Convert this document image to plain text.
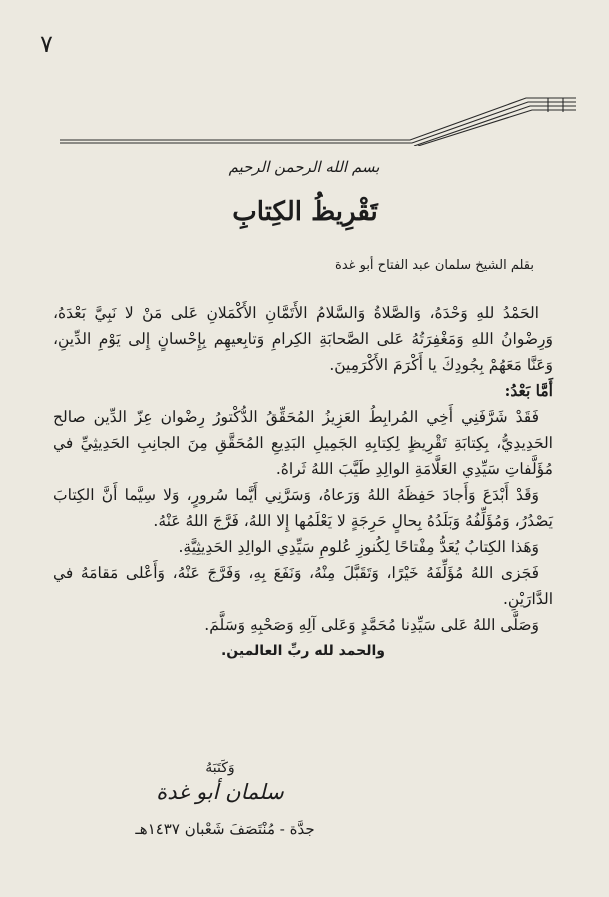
٧
بسم الله الرحمن الرحيم
تَقْرِيظُ الكِتابِ
بقلم الشيخ سلمان عبد الفتاح أبو غدة

الحَمْدُ للهِ وَحْدَهُ، وَالصَّلاةُ وَالسَّلامُ الأَتَمَّانِ الأَكْمَلانِ عَلى مَنْ لا نَبِيَّ بَعْدَهُ، وَرِضْوانُ اللهِ وَمَغْفِرَتُهُ عَلى الصَّحابَةِ الكِرامِ وَتابِعيهِم بِإِحْسانٍ إِلى يَوْمِ الدِّينِ، وَعَنَّا مَعَهُمْ بِجُودِكَ يا أَكْرَمَ الأَكْرَمِينَ.

أَمَّا بَعْدُ:

فَقَدْ شَرَّفَنِي أَخِي المُرابِطُ العَزِيزُ المُحَقِّقُ الدُّكْتورُ رِضْوان عِزّ الدِّين صالح الحَدِيدِيُّ، بِكِتابَةِ تَقْرِيظٍ لِكِتابِهِ الجَمِيلِ البَدِيعِ المُحَقَّقِ مِنَ الجانِبِ الحَدِيثِيِّ في مُؤَلَّفاتِ سَيِّدِي العَلَّامَةِ الوالِدِ طَيَّبَ اللهُ ثَراهُ.

وَقَدْ أَبْدَعَ وَأَجادَ حَفِظَهُ اللهُ وَرَعاهُ، وَسَرَّنِي أَيَّما سُرورٍ، وَلا سِيَّما أَنَّ الكِتابَ يَصْدُرُ، وَمُؤَلِّفُهُ وَبَلَدُهُ بِحالٍ حَرِجَةٍ لا يَعْلَمُها إِلا اللهُ، فَرَّجَ اللهُ عَنْهُ.

وَهَذا الكِتابُ يُعَدُّ مِفْتاحًا لِكُنوزِ عُلومِ سَيِّدِي الوالِدِ الحَدِيثِيَّةِ.

فَجَزى اللهُ مُؤَلِّفَهُ خَيْرًا، وَتَقَبَّلَ مِنْهُ، وَنَفَعَ بِهِ، وَفَرَّجَ عَنْهُ، وَأَعْلى مَقامَهُ في الدَّارَيْنِ.

وَصَلَّى اللهُ عَلى سَيِّدِنا مُحَمَّدٍ وَعَلى آلِهِ وَصَحْبِهِ وَسَلَّمَ.

والحمد لله ربِّ العالمين.

وَكَتَبَهُ
سلمان أبو غدة
جدَّة - مُنْتَصَفَ شَعْبان ١٤٣٧هـ
